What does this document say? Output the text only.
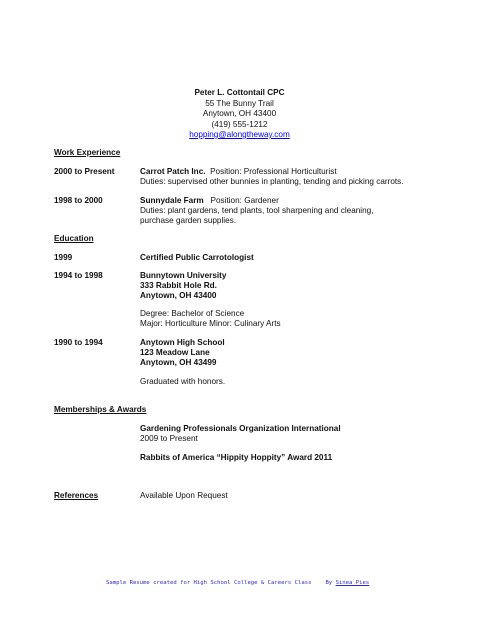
Peter L. Cottontail CPC
55 The Bunny Trail
Anytown, OH 43400
(419) 555-1212
hopping@alongtheway.com
Work Experience
2000 to Present	Carrot Patch Inc. Position: Professional Horticulturist
Duties: supervised other bunnies in planting, tending and picking carrots.
1998 to 2000	Sunnydale Farm Position: Gardener
Duties: plant gardens, tend plants, tool sharpening and cleaning,
purchase garden supplies.
Education
1999	Certified Public Carrotologist
1994 to 1998	Bunnytown University
333 Rabbit Hole Rd.
Anytown, OH 43400
Degree: Bachelor of Science
Major: Horticulture Minor: Culinary Arts
1990 to 1994	Anytown High School
123 Meadow Lane
Anytown, OH 43499
Graduated with honors.
Memberships & Awards
Gardening Professionals Organization International
2009 to Present
Rabbits of America “Hippity Hoppity” Award 2011
References	Available Upon Request
Sample Resume created for High School College & Careers Class	By Sinea Pies
